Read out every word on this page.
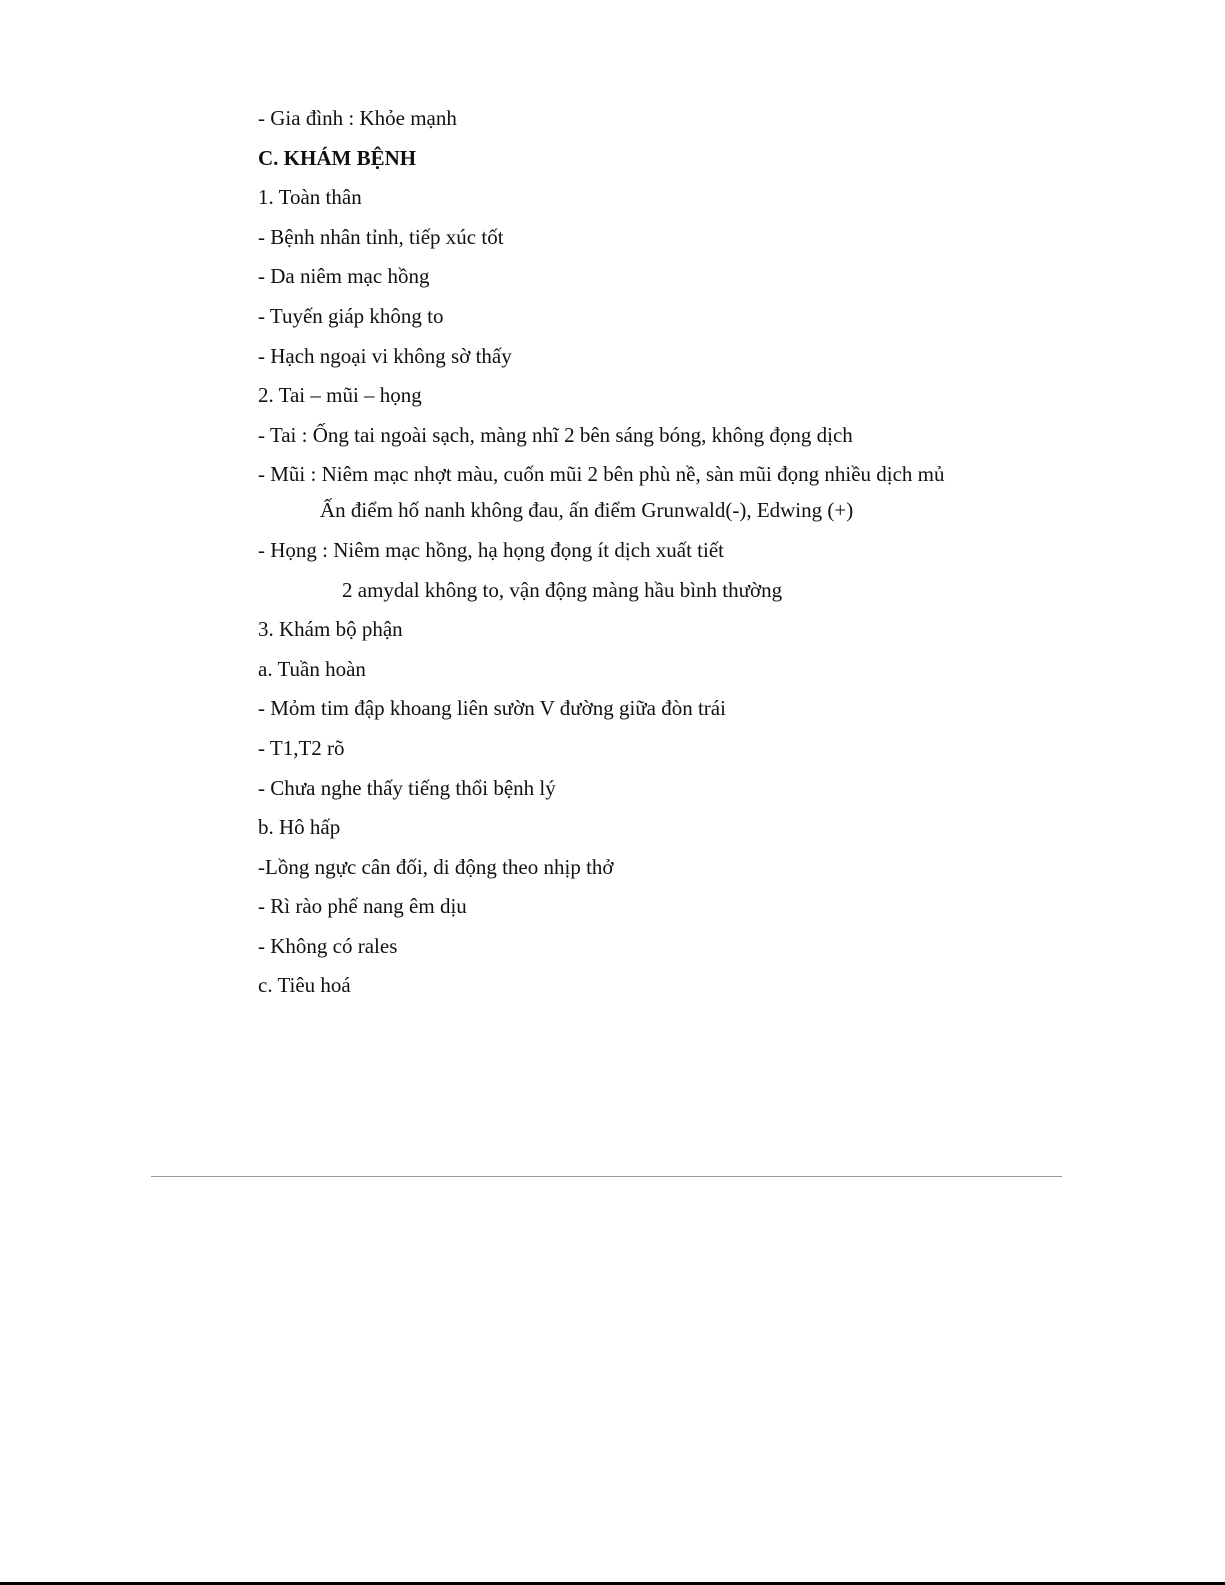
- Gia đình : Khỏe mạnh
C. KHÁM BỆNH
1. Toàn thân
- Bệnh nhân tỉnh, tiếp xúc tốt
- Da niêm mạc hồng
- Tuyến giáp không to
- Hạch ngoại vi không sờ thấy
2. Tai – mũi – họng
- Tai : Ống tai ngoài sạch, màng nhĩ 2 bên sáng bóng, không đọng dịch
- Mũi : Niêm mạc nhợt màu, cuốn mũi 2 bên phù nề, sàn mũi đọng nhiều dịch mủ
Ấn điểm hố nanh không đau, ấn điểm Grunwald(-), Edwing (+)
- Họng : Niêm mạc hồng, hạ họng đọng ít dịch xuất tiết
2 amydal không to, vận động màng hầu bình thường
3. Khám bộ phận
a. Tuần hoàn
- Mỏm tim đập khoang liên sườn V đường giữa đòn trái
- T1,T2 rõ
- Chưa nghe thấy tiếng thổi bệnh lý
b. Hô hấp
-Lồng ngực cân đối, di động theo nhịp thở
- Rì rào phế nang êm dịu
- Không có rales
c. Tiêu hoá
